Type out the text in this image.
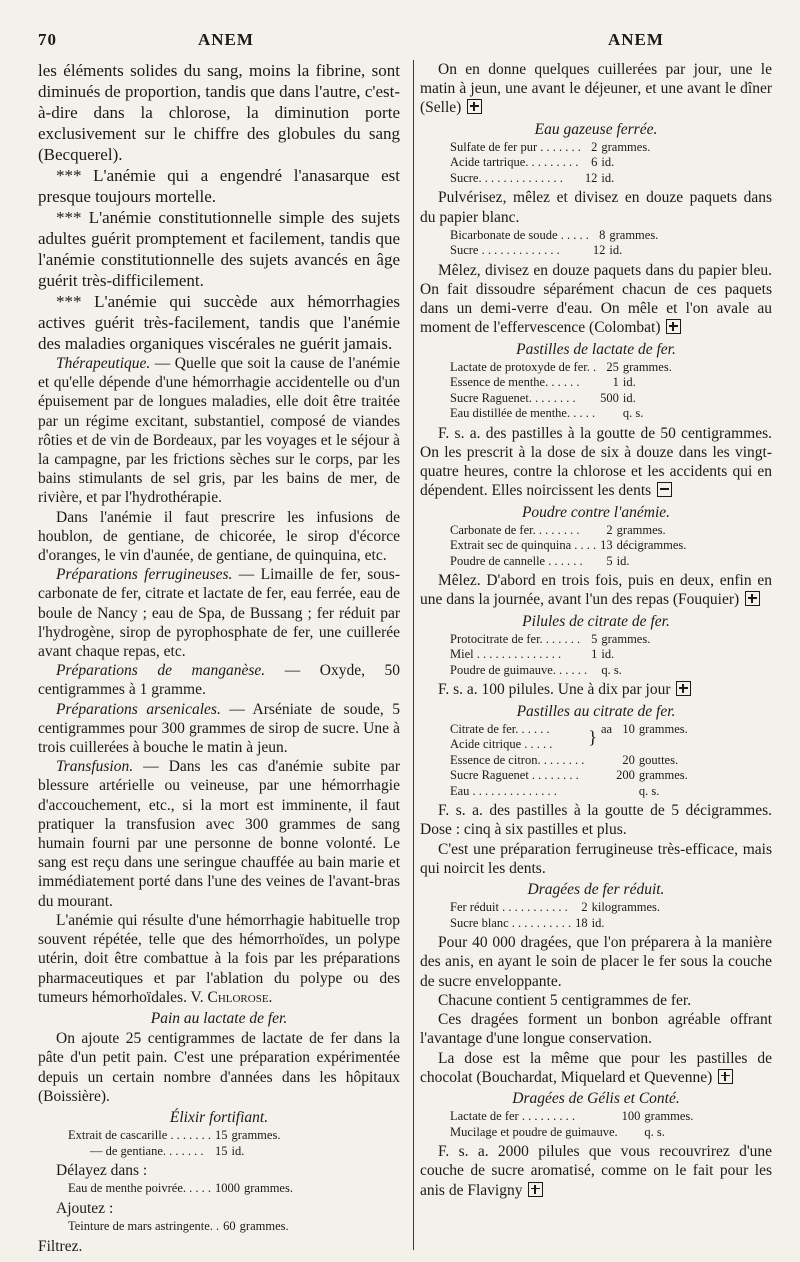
70	ANEM	ANEM

les éléments solides du sang, moins la fibrine, sont diminués de proportion, tandis que dans l'autre, c'est-à-dire dans la chlorose, la diminution porte exclusivement sur le chiffre des globules du sang (Becquerel).

*** L'anémie qui a engendré l'anasarque est presque toujours mortelle.

*** L'anémie constitutionnelle simple des sujets adultes guérit promptement et facilement, tandis que l'anémie constitutionnelle des sujets avancés en âge guérit très-difficilement.

*** L'anémie qui succède aux hémorrhagies actives guérit très-facilement, tandis que l'anémie des maladies organiques viscérales ne guérit jamais.

Thérapeutique. — Quelle que soit la cause de l'anémie et qu'elle dépende d'une hémorrhagie accidentelle ou d'un épuisement par de longues maladies, elle doit être traitée par un régime excitant, substantiel, composé de viandes rôties et de vin de Bordeaux, par les voyages et le séjour à la campagne, par les frictions sèches sur le corps, par les bains stimulants de sel gris, par les bains de mer, de rivière, et par l'hydrothérapie.

Dans l'anémie il faut prescrire les infusions de houblon, de gentiane, de chicorée, le sirop d'écorce d'oranges, le vin d'aunée, de gentiane, de quinquina, etc.

Préparations ferrugineuses. — Limaille de fer, sous-carbonate de fer, citrate et lactate de fer, eau ferrée, eau de boule de Nancy ; eau de Spa, de Bussang ; fer réduit par l'hydrogène, sirop de pyrophosphate de fer, une cuillerée avant chaque repas, etc.

Préparations de manganèse. — Oxyde, 50 centigrammes à 1 gramme.

Préparations arsenicales. — Arséniate de soude, 5 centigrammes pour 300 grammes de sirop de sucre. Une à trois cuillerées à bouche le matin à jeun.

Transfusion. — Dans les cas d'anémie subite par blessure artérielle ou veineuse, par une hémorrhagie d'accouchement, etc., si la mort est imminente, il faut pratiquer la transfusion avec 300 grammes de sang humain fourni par une personne de bonne volonté. Le sang est reçu dans une seringue chauffée au bain marie et immédiatement porté dans l'une des veines de l'avant-bras du mourant.

L'anémie qui résulte d'une hémorrhagie habituelle trop souvent répétée, telle que des hémorrhoïdes, un polype utérin, doit être combattue à la fois par les préparations pharmaceutiques et par l'ablation du polype ou des tumeurs hémorhoïdales. V. Chlorose.

Pain au lactate de fer.

On ajoute 25 centigrammes de lactate de fer dans la pâte d'un petit pain. C'est une préparation expérimentée depuis un certain nombre d'années dans les hôpitaux (Boissière).

Élixir fortifiant.
Extrait de cascarille . . . . . . .	15	grammes.
— de gentiane. . . . . . .	15	id.

Délayez dans :

Eau de menthe poivrée. . . . .	1000	grammes.

Ajoutez :

Teinture de mars astringente. .	60	grammes.

Filtrez.

On en donne quelques cuillerées par jour, une le matin à jeun, une avant le déjeuner, et une avant le dîner (Selle)

Eau gazeuse ferrée.
Sulfate de fer pur . . . . . . .	2	grammes.
Acide tartrique. . . . . . . . .	6	id.
Sucre. . . . . . . . . . . . . .	12	id.

Pulvérisez, mêlez et divisez en douze paquets dans du papier blanc.

Bicarbonate de soude . . . . .	8	grammes.
Sucre . . . . . . . . . . . . .	12	id.

Mêlez, divisez en douze paquets dans du papier bleu. On fait dissoudre séparément chacun de ces paquets dans un demi-verre d'eau. On mêle et l'on avale au moment de l'effervescence (Colombat)

Pastilles de lactate de fer.
Lactate de protoxyde de fer. .	25	grammes.
Essence de menthe. . . . . .	1	id.
Sucre Raguenet. . . . . . . .	500	id.
Eau distillée de menthe. . . . .		q. s.

F. s. a. des pastilles à la goutte de 50 centigrammes. On les prescrit à la dose de six à douze dans les vingt-quatre heures, contre la chlorose et les accidents qui en dépendent. Elles noircissent les dents

Poudre contre l'anémie.
Carbonate de fer. . . . . . . .	2	grammes.
Extrait sec de quinquina . . . .	13	décigrammes.
Poudre de cannelle . . . . . .	5	id.

Mêlez. D'abord en trois fois, puis en deux, enfin en une dans la journée, avant l'un des repas (Fouquier)

Pilules de citrate de fer.
Protocitrate de fer. . . . . . .	5	grammes.
Miel . . . . . . . . . . . . . .	1	id.
Poudre de guimauve. . . . . .		q. s.

F. s. a. 100 pilules. Une à dix par jour

Pastilles au citrate de fer.
Citrate de fer. . . . . .	}	aa	10	grammes.
Acide citrique . . . . .				
Essence de citron. . . . . . . .			20	gouttes.
Sucre Raguenet . . . . . . . .			200	grammes.
Eau . . . . . . . . . . . . . .				q. s.

F. s. a. des pastilles à la goutte de 5 décigrammes. Dose : cinq à six pastilles et plus.

C'est une préparation ferrugineuse très-efficace, mais qui noircit les dents.

Dragées de fer réduit.
Fer réduit . . . . . . . . . . .	2	kilogrammes.
Sucre blanc . . . . . . . . . .	18	id.

Pour 40 000 dragées, que l'on préparera à la manière des anis, en ayant le soin de placer le fer sous la couche de sucre enveloppante.

Chacune contient 5 centigrammes de fer.

Ces dragées forment un bonbon agréable offrant l'avantage d'une longue conservation.

La dose est la même que pour les pastilles de chocolat (Bouchardat, Miquelard et Quevenne)

Dragées de Gélis et Conté.
Lactate de fer . . . . . . . . .	100	grammes.
Mucilage et poudre de guimauve.		q. s.

F. s. a. 2000 pilules que vous recouvrirez d'une couche de sucre aromatisé, comme on le fait pour les anis de Flavigny
